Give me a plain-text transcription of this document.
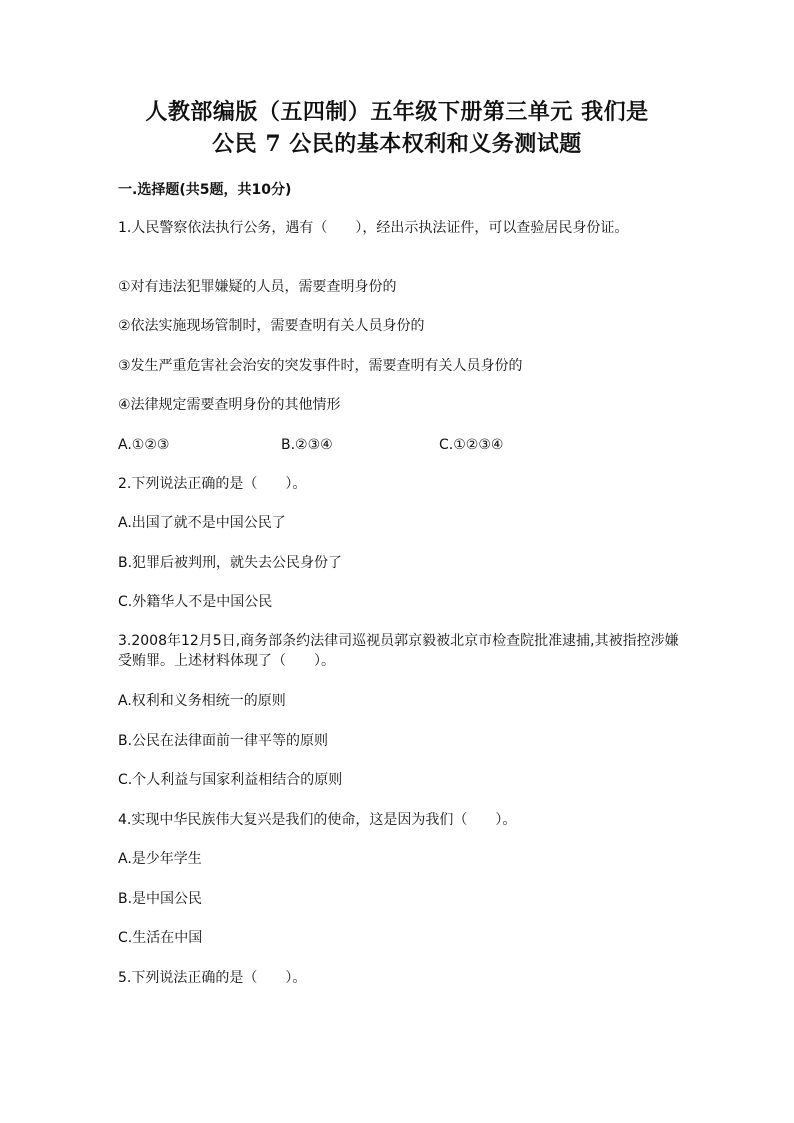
人教部编版（五四制）五年级下册第三单元 我们是
公民 7 公民的基本权利和义务测试题
一.选择题(共5题，共10分)
1.人民警察依法执行公务，遇有（　　），经出示执法证件，可以查验居民身份证。
①对有违法犯罪嫌疑的人员，需要查明身份的
②依法实施现场管制时，需要查明有关人员身份的
③发生严重危害社会治安的突发事件时，需要查明有关人员身份的
④法律规定需要查明身份的其他情形
A.①②③	B.②③④	C.①②③④
2.下列说法正确的是（　　）。
A.出国了就不是中国公民了
B.犯罪后被判刑，就失去公民身份了
C.外籍华人不是中国公民
3.2008年12月5日,商务部条约法律司巡视员郭京毅被北京市检查院批准逮捕,其被指控涉嫌受贿罪。上述材料体现了（　　）。
A.权利和义务相统一的原则
B.公民在法律面前一律平等的原则
C.个人利益与国家利益相结合的原则
4.实现中华民族伟大复兴是我们的使命，这是因为我们（　　）。
A.是少年学生
B.是中国公民
C.生活在中国
5.下列说法正确的是（　　）。
